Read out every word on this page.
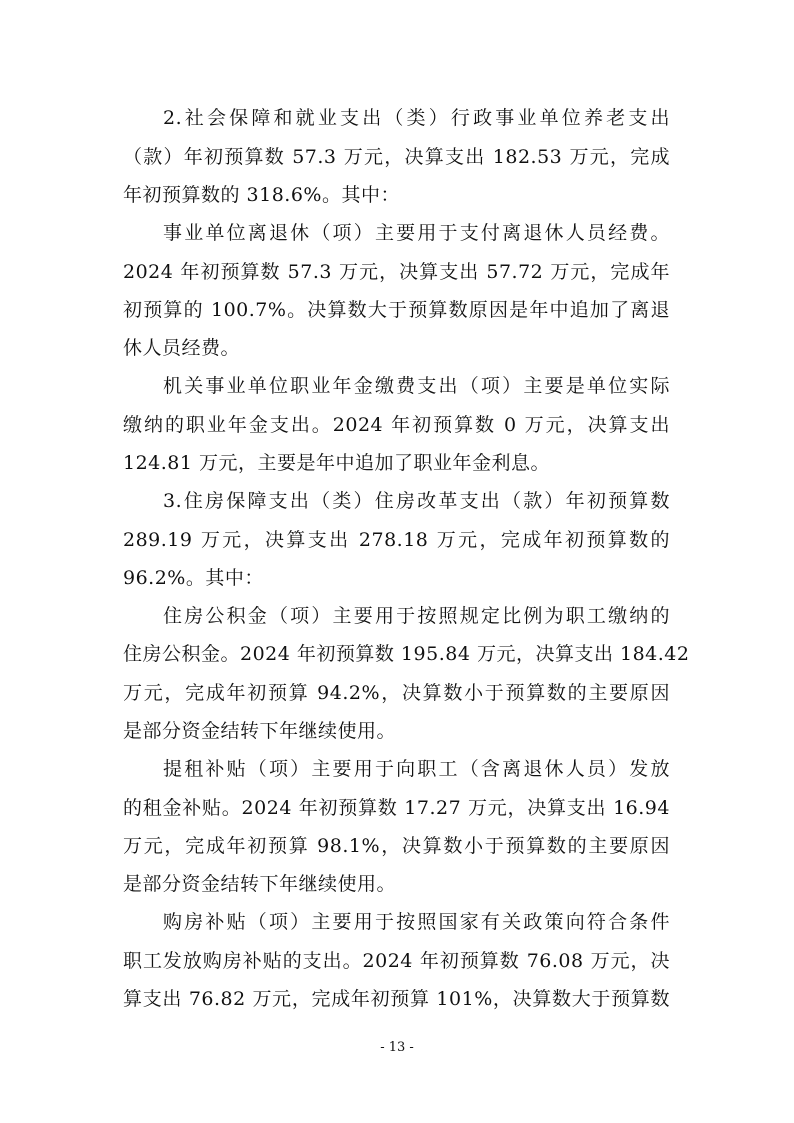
2.社会保障和就业支出（类）行政事业单位养老支出
（款）年初预算数 57.3 万元，决算支出 182.53 万元，完成
年初预算数的 318.6%。其中：
事业单位离退休（项）主要用于支付离退休人员经费。
2024 年初预算数 57.3 万元，决算支出 57.72 万元，完成年
初预算的 100.7%。决算数大于预算数原因是年中追加了离退
休人员经费。
机关事业单位职业年金缴费支出（项）主要是单位实际
缴纳的职业年金支出。2024 年初预算数 0 万元，决算支出
124.81 万元，主要是年中追加了职业年金利息。
3.住房保障支出（类）住房改革支出（款）年初预算数
289.19 万元，决算支出 278.18 万元，完成年初预算数的
96.2%。其中：
住房公积金（项）主要用于按照规定比例为职工缴纳的
住房公积金。2024 年初预算数 195.84 万元，决算支出 184.42
万元，完成年初预算 94.2%，决算数小于预算数的主要原因
是部分资金结转下年继续使用。
提租补贴（项）主要用于向职工（含离退休人员）发放
的租金补贴。2024 年初预算数 17.27 万元，决算支出 16.94
万元，完成年初预算 98.1%，决算数小于预算数的主要原因
是部分资金结转下年继续使用。
购房补贴（项）主要用于按照国家有关政策向符合条件
职工发放购房补贴的支出。2024 年初预算数 76.08 万元，决
算支出 76.82 万元，完成年初预算 101%，决算数大于预算数
- 13 -
